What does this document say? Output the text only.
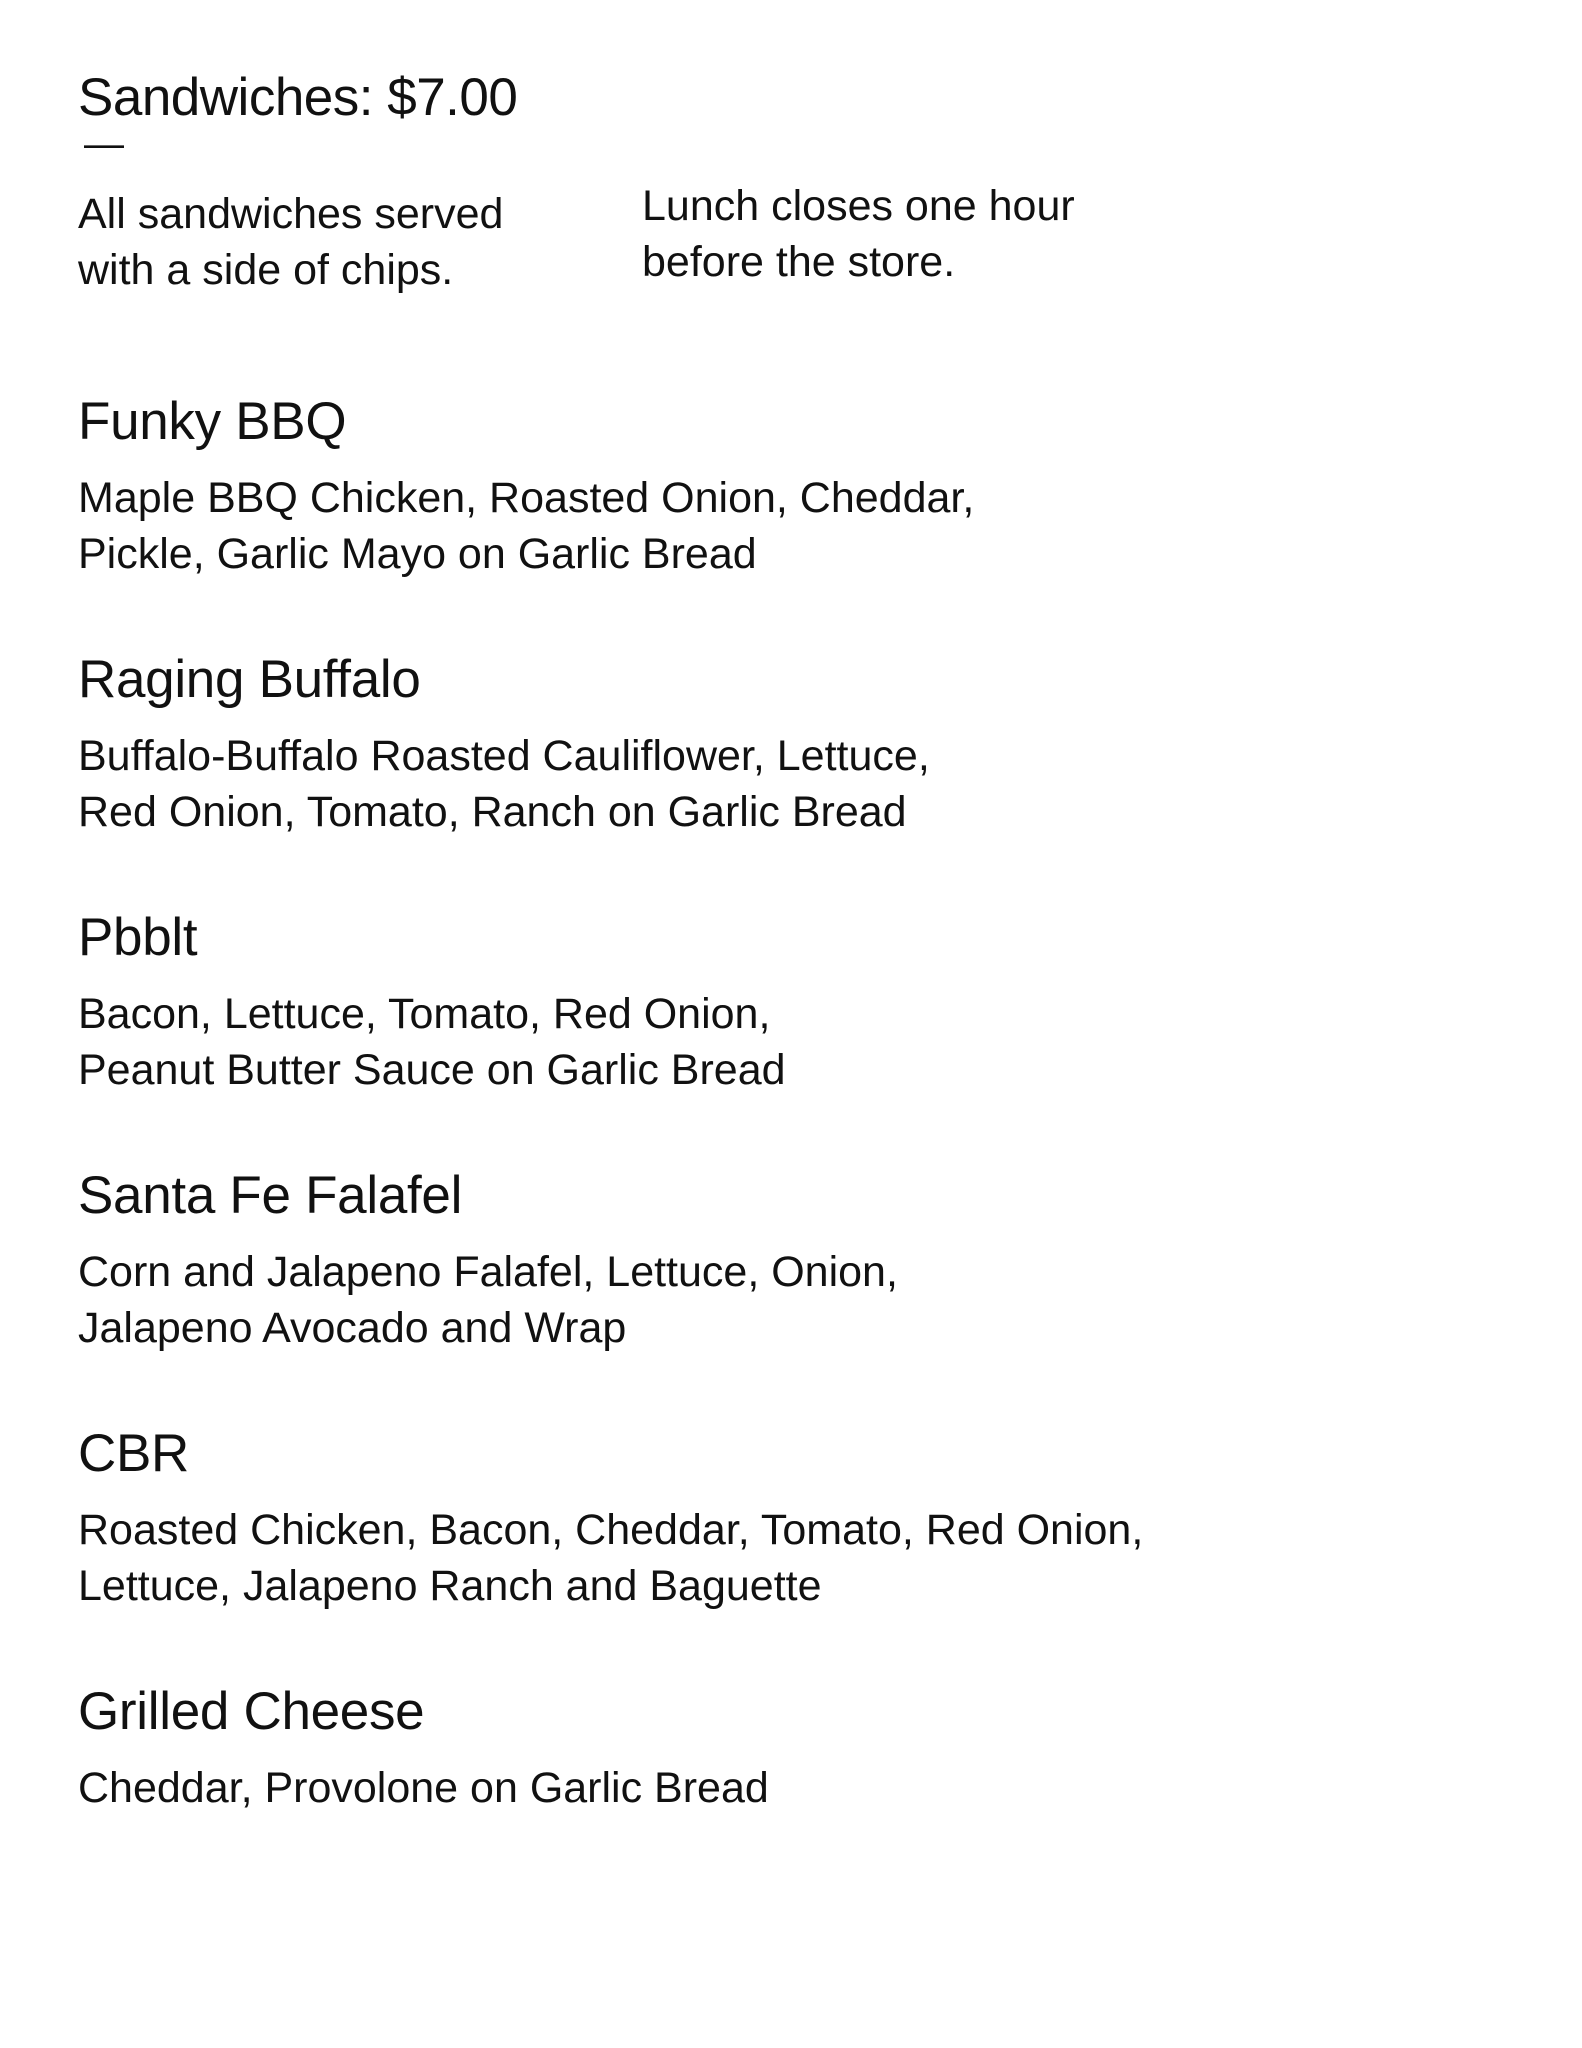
Sandwiches: $7.00
—
All sandwiches served
with a side of chips.
Lunch closes one hour
before the store.
Funky BBQ
Maple BBQ Chicken, Roasted Onion, Cheddar,
Pickle, Garlic Mayo on Garlic Bread
Raging Buffalo
Buffalo-Buffalo Roasted Cauliflower, Lettuce,
Red Onion, Tomato, Ranch on Garlic Bread
Pbblt
Bacon, Lettuce, Tomato, Red Onion,
Peanut Butter Sauce on Garlic Bread
Santa Fe Falafel
Corn and Jalapeno Falafel, Lettuce, Onion,
Jalapeno Avocado and Wrap
CBR
Roasted Chicken, Bacon, Cheddar, Tomato, Red Onion,
Lettuce, Jalapeno Ranch and Baguette
Grilled Cheese
Cheddar, Provolone on Garlic Bread
